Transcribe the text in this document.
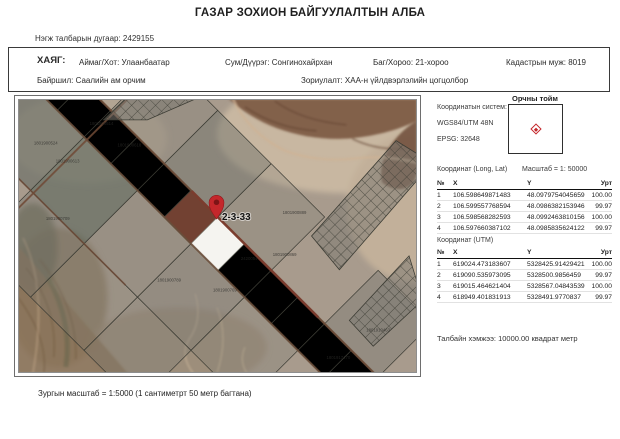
ГАЗАР ЗОХИОН БАЙГУУЛАЛТЫН АЛБА
Нэгж талбарын дугаар: 2429155
ХАЯГ: Аймаг/Хот: Улаанбаатар	Сум/Дүүрэг: Сонгинохайрхан	Баг/Хороо: 21-хороо	Кадастрын муж: 8019
Байршил: Саалийн ам орчим	Зориулалт: ХАА-н үйлдвэрлэлийн цогцолбор
1801900514
1801900524	1801900618
1801900613
1801900709
1801900789
1801900769
2420054
1801900889
1801900869
1801917470
1801910463
2-3-33
Орчны тойм
Координатын систем:
WGS84/UTM 48N
EPSG: 32648
Координат (Long, Lat) Масштаб = 1: 50000
№	X	Y	Урт
1	106.598649871483	48.0979754045659	100.00
2	106.599557768594	48.0986382153946	99.97
3	106.598568282593	48.0992463810156	100.00
4	106.597660387102	48.0985835624122	99.97
Координат (UTM)
№	X	Y	Урт
1	619024.473183607	5328425.91429421	100.00
2	619090.535973095	5328500.9856459	99.97
3	619015.464621404	5328567.04843539	100.00
4	618949.401831913	5328491.9770837	99.97
Талбайн хэмжээ: 10000.00 квадрат метр
Зургын масштаб = 1:5000 (1 сантиметрт 50 метр багтана)
